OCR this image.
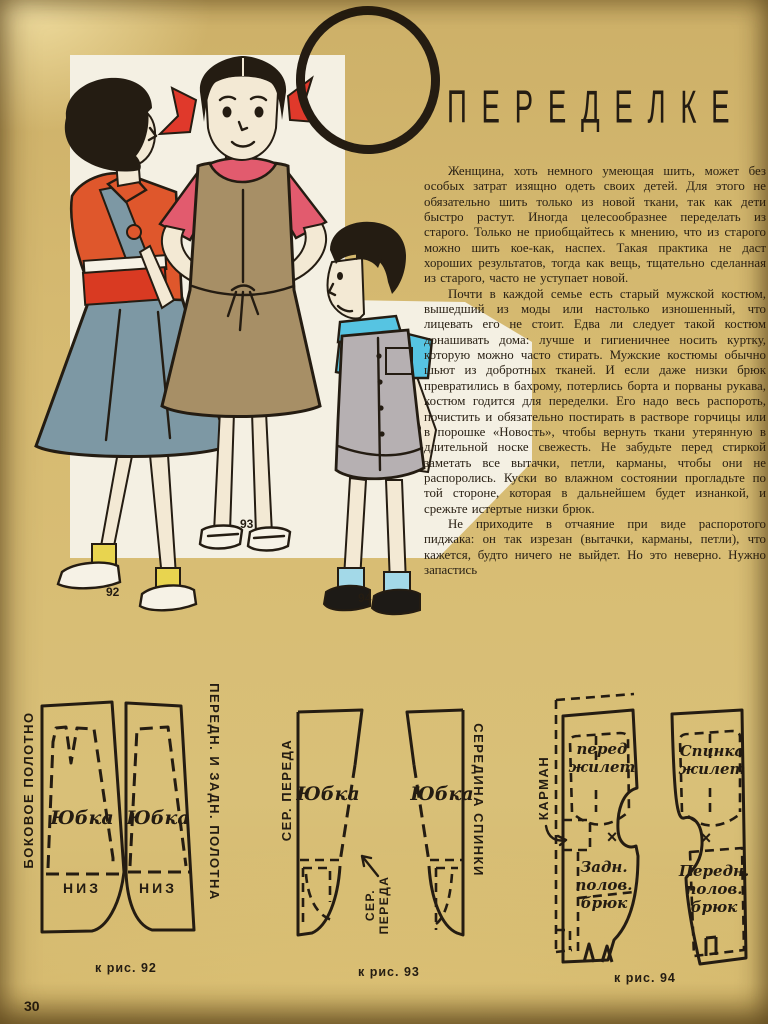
92
93
94
ПЕРЕДЕЛКЕ

Женщина, хоть немного умеющая шить, может без особых затрат изящно одеть своих детей. Для этого не обязательно шить только из новой ткани, так как дети быстро растут. Иногда целесообразнее переделать из старого. Только не приобщайтесь к мнению, что из старого можно шить кое-как, наспех. Такая практика не даст хороших результатов, тогда как вещь, тщательно сделанная из старого, часто не уступает новой.

Почти в каждой семье есть старый мужской костюм, вышедший из моды или настолько изношенный, что лицевать его не стоит. Едва ли следует такой костюм донашивать дома: лучше и гигиеничнее носить куртку, которую можно часто стирать. Мужские костюмы обычно шьют из добротных тканей. И если даже низки брюк превратились в бахрому, потерлись борта и порваны рукава, костюм годится для переделки. Его надо весь распороть, почистить и обязательно постирать в растворе горчицы или в порошке «Новость», чтобы вернуть ткани утерянную в длительной носке свежесть. Не забудьте перед стиркой заметать все вытачки, петли, карманы, чтобы они не распоролись. Куски во влажном состоянии прогладьте по той стороне, которая в дальнейшем будет изнанкой, и срежьте истертые низки брюк.

Не приходите в отчаяние при виде распоротого пиджака: он так изрезан (вытачки, карманы, петли), что кажется, будто ничего не выйдет. Но это неверно. Нужно запастись

Юбка
НИЗ
Юбка
НИЗ
БОКОВОЕ ПОЛОТНО	ПЕРЕДН. И ЗАДН. ПОЛОТНА
к рис. 92
Юбка	Юбка
СЕР. ПЕРЕДА	СЕРЕДИНА СПИНКИ
СЕР. ПЕРЕДА
к рис. 93
перед
жилет
×
Задн.
полов.
брюк
Спинка
жилет
×
Передн.
полов.
брюк
КАРМАН
к рис. 94
30
